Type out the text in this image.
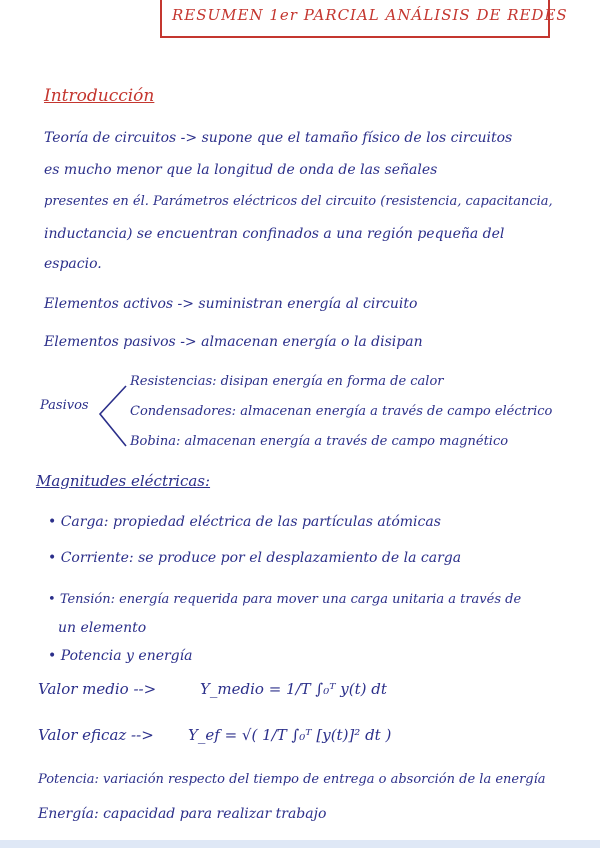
RESUMEN 1er PARCIAL ANÁLISIS DE REDES
Introducción
Teoría de circuitos -> supone que el tamaño físico de los circuitos
es mucho menor que la longitud de onda de las señales
presentes en él. Parámetros eléctricos del circuito (resistencia, capacitancia,
inductancia) se encuentran confinados a una región pequeña del
espacio.
Elementos activos -> suministran energía al circuito
Elementos pasivos -> almacenan energía o la disipan
Pasivos
Resistencias: disipan energía en forma de calor
Condensadores: almacenan energía a través de campo eléctrico
Bobina: almacenan energía a través de campo magnético
Magnitudes eléctricas:
• Carga: propiedad eléctrica de las partículas atómicas
• Corriente: se produce por el desplazamiento de la carga
• Tensión: energía requerida para mover una carga unitaria a través de
un elemento
• Potencia y energía
Valor medio -->	Y_medio = 1/T ∫₀ᵀ y(t) dt
Valor eficaz --> Y_ef = √( 1/T ∫₀ᵀ [y(t)]² dt )
Potencia: variación respecto del tiempo de entrega o absorción de la energía
Energía: capacidad para realizar trabajo
